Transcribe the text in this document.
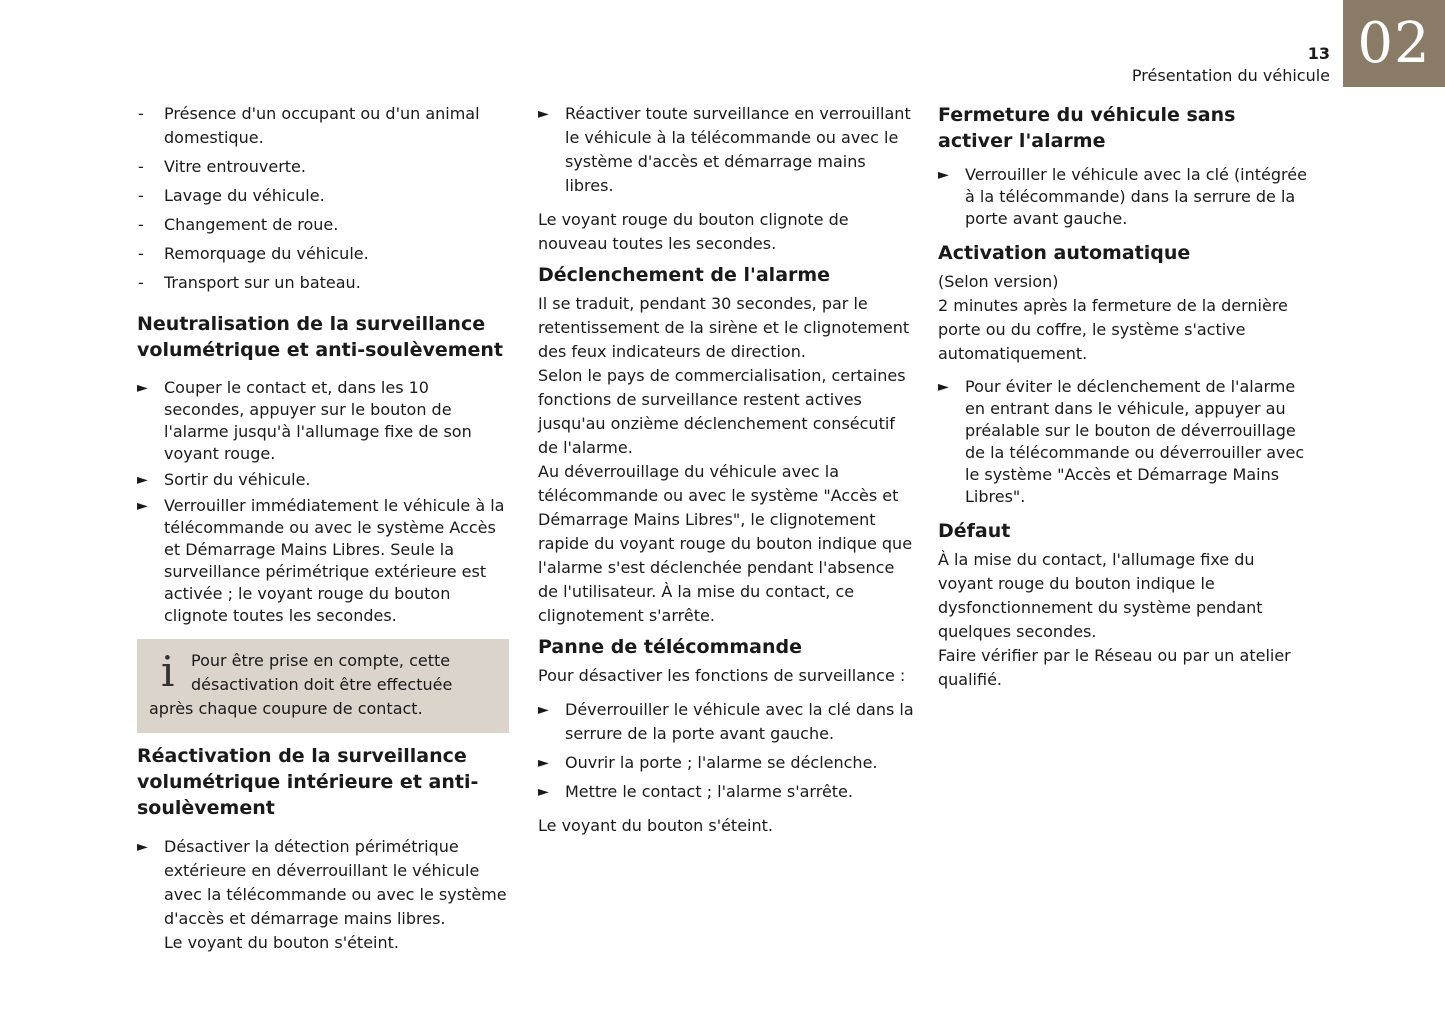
13
Présentation du véhicule 02
- Présence d'un occupant ou d'un animal domestique.
- Vitre entrouverte.
- Lavage du véhicule.
- Changement de roue.
- Remorquage du véhicule.
- Transport sur un bateau.
Neutralisation de la surveillance volumétrique et anti-soulèvement
► Couper le contact et, dans les 10 secondes, appuyer sur le bouton de l'alarme jusqu'à l'allumage fixe de son voyant rouge.
► Sortir du véhicule.
► Verrouiller immédiatement le véhicule à la télécommande ou avec le système Accès et Démarrage Mains Libres. Seule la surveillance périmétrique extérieure est activée ; le voyant rouge du bouton clignote toutes les secondes.
i	Pour être prise en compte, cette
désactivation doit être effectuée
après chaque coupure de contact.
Réactivation de la surveillance volumétrique intérieure et anti-soulèvement
► Désactiver la détection périmétrique extérieure en déverrouillant le véhicule avec la télécommande ou avec le système d'accès et démarrage mains libres.
Le voyant du bouton s'éteint.
► Réactiver toute surveillance en verrouillant le véhicule à la télécommande ou avec le système d'accès et démarrage mains libres.

Le voyant rouge du bouton clignote de nouveau toutes les secondes.

Déclenchement de l'alarme

Il se traduit, pendant 30 secondes, par le retentissement de la sirène et le clignotement des feux indicateurs de direction.

Selon le pays de commercialisation, certaines fonctions de surveillance restent actives jusqu'au onzième déclenchement consécutif de l'alarme.

Au déverrouillage du véhicule avec la télécommande ou avec le système "Accès et Démarrage Mains Libres", le clignotement rapide du voyant rouge du bouton indique que l'alarme s'est déclenchée pendant l'absence de l'utilisateur. À la mise du contact, ce clignotement s'arrête.

Panne de télécommande

Pour désactiver les fonctions de surveillance :

► Déverrouiller le véhicule avec la clé dans la serrure de la porte avant gauche.
► Ouvrir la porte ; l'alarme se déclenche.
► Mettre le contact ; l'alarme s'arrête.

Le voyant du bouton s'éteint.

Fermeture du véhicule sans activer l'alarme
► Verrouiller le véhicule avec la clé (intégrée à la télécommande) dans la serrure de la porte avant gauche.
Activation automatique

(Selon version)

2 minutes après la fermeture de la dernière porte ou du coffre, le système s'active automatiquement.

► Pour éviter le déclenchement de l'alarme en entrant dans le véhicule, appuyer au préalable sur le bouton de déverrouillage de la télécommande ou déverrouiller avec le système "Accès et Démarrage Mains Libres".
Défaut

À la mise du contact, l'allumage fixe du voyant rouge du bouton indique le dysfonctionnement du système pendant quelques secondes.

Faire vérifier par le Réseau ou par un atelier qualifié.
